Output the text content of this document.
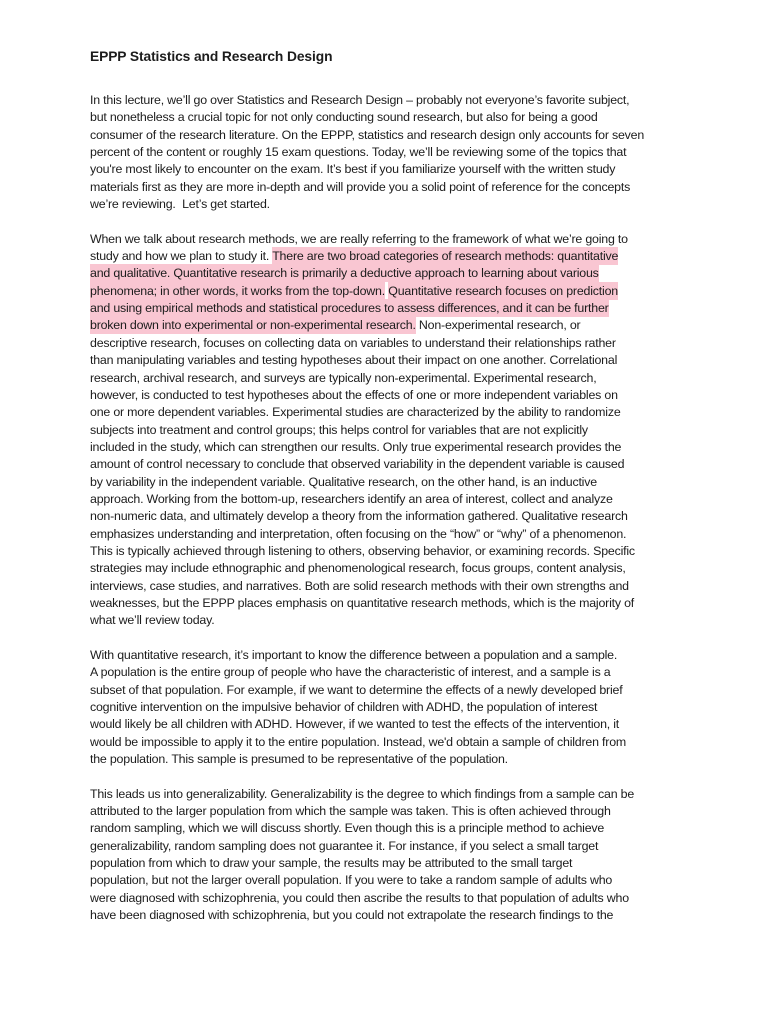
EPPP Statistics and Research Design
In this lecture, we’ll go over Statistics and Research Design – probably not everyone’s favorite subject,
but nonetheless a crucial topic for not only conducting sound research, but also for being a good
consumer of the research literature. On the EPPP, statistics and research design only accounts for seven
percent of the content or roughly 15 exam questions. Today, we’ll be reviewing some of the topics that
you're most likely to encounter on the exam. It’s best if you familiarize yourself with the written study
materials first as they are more in-depth and will provide you a solid point of reference for the concepts
we’re reviewing.  Let’s get started.
When we talk about research methods, we are really referring to the framework of what we’re going to
study and how we plan to study it. There are two broad categories of research methods: quantitative
and qualitative. Quantitative research is primarily a deductive approach to learning about various
phenomena; in other words, it works from the top-down. Quantitative research focuses on prediction
and using empirical methods and statistical procedures to assess differences, and it can be further
broken down into experimental or non-experimental research. Non-experimental research, or
descriptive research, focuses on collecting data on variables to understand their relationships rather
than manipulating variables and testing hypotheses about their impact on one another. Correlational
research, archival research, and surveys are typically non-experimental. Experimental research,
however, is conducted to test hypotheses about the effects of one or more independent variables on
one or more dependent variables. Experimental studies are characterized by the ability to randomize
subjects into treatment and control groups; this helps control for variables that are not explicitly
included in the study, which can strengthen our results. Only true experimental research provides the
amount of control necessary to conclude that observed variability in the dependent variable is caused
by variability in the independent variable. Qualitative research, on the other hand, is an inductive
approach. Working from the bottom-up, researchers identify an area of interest, collect and analyze
non-numeric data, and ultimately develop a theory from the information gathered. Qualitative research
emphasizes understanding and interpretation, often focusing on the “how” or “why” of a phenomenon.
This is typically achieved through listening to others, observing behavior, or examining records. Specific
strategies may include ethnographic and phenomenological research, focus groups, content analysis,
interviews, case studies, and narratives. Both are solid research methods with their own strengths and
weaknesses, but the EPPP places emphasis on quantitative research methods, which is the majority of
what we’ll review today.
With quantitative research, it’s important to know the difference between a population and a sample.
A population is the entire group of people who have the characteristic of interest, and a sample is a
subset of that population. For example, if we want to determine the effects of a newly developed brief
cognitive intervention on the impulsive behavior of children with ADHD, the population of interest
would likely be all children with ADHD. However, if we wanted to test the effects of the intervention, it
would be impossible to apply it to the entire population. Instead, we'd obtain a sample of children from
the population. This sample is presumed to be representative of the population.
This leads us into generalizability. Generalizability is the degree to which findings from a sample can be
attributed to the larger population from which the sample was taken. This is often achieved through
random sampling, which we will discuss shortly. Even though this is a principle method to achieve
generalizability, random sampling does not guarantee it. For instance, if you select a small target
population from which to draw your sample, the results may be attributed to the small target
population, but not the larger overall population. If you were to take a random sample of adults who
were diagnosed with schizophrenia, you could then ascribe the results to that population of adults who
have been diagnosed with schizophrenia, but you could not extrapolate the research findings to the
